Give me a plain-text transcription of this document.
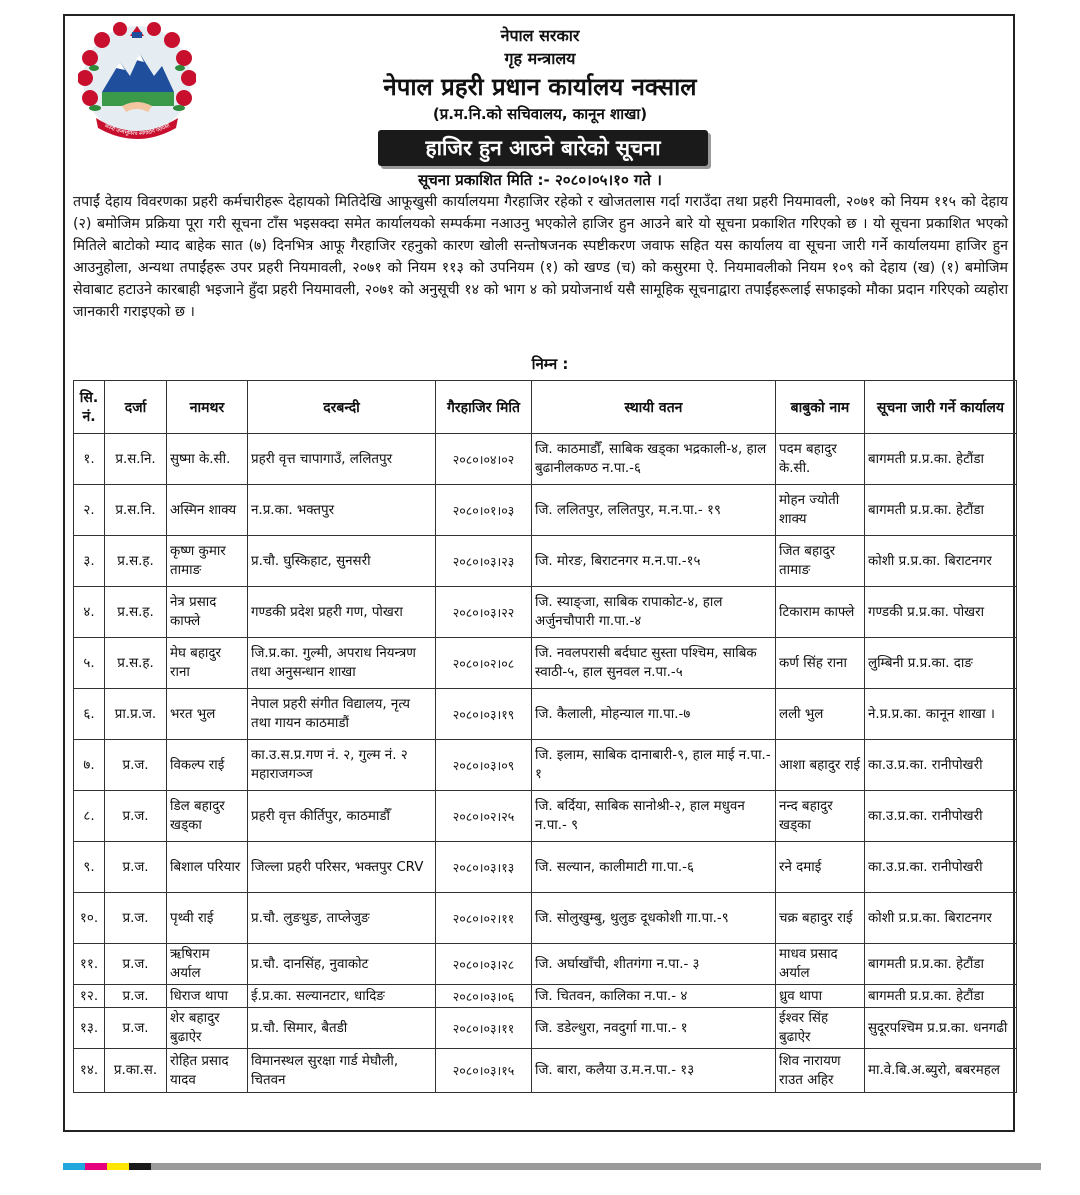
जननी जन्मभूमिश्च स्वर्गादपि गरीयसी
नेपाल सरकार
गृह मन्त्रालय
नेपाल प्रहरी प्रधान कार्यालय नक्साल
(प्र.म.नि.को सचिवालय, कानून शाखा)
हाजिर हुन आउने बारेको सूचना
सूचना प्रकाशित मिति :- २०८०।०५।१० गते ।
तपाईं देहाय विवरणका प्रहरी कर्मचारीहरू देहायको मितिदेखि आफूखुसी कार्यालयमा गैरहाजिर रहेको र खोजतलास गर्दा गराउँदा तथा प्रहरी नियमावली, २०७१ को नियम ११५ को देहाय (२) बमोजिम प्रक्रिया पूरा गरी सूचना टाँस भइसक्दा समेत कार्यालयको सम्पर्कमा नआउनु भएकोले हाजिर हुन आउने बारे यो सूचना प्रकाशित गरिएको छ । यो सूचना प्रकाशित भएको मितिले बाटोको म्याद बाहेक सात (७) दिनभित्र आफू गैरहाजिर रहनुको कारण खोली सन्तोषजनक स्पष्टीकरण जवाफ सहित यस कार्यालय वा सूचना जारी गर्ने कार्यालयमा हाजिर हुन आउनुहोला, अन्यथा तपाईंहरू उपर प्रहरी नियमावली, २०७१ को नियम ११३ को उपनियम (१) को खण्ड (च) को कसुरमा ऐ. नियमावलीको नियम १०९ को देहाय (ख) (१) बमोजिम सेवाबाट हटाउने कारबाही भइजाने हुँदा प्रहरी नियमावली, २०७१ को अनुसूची १४ को भाग ४ को प्रयोजनार्थ यसै सामूहिक सूचनाद्वारा तपाईंहरूलाई सफाइको मौका प्रदान गरिएको व्यहोरा जानकारी गराइएको छ ।
निम्न :
सि. नं.	दर्जा	नामथर	दरबन्दी	गैरहाजिर मिति	स्थायी वतन	बाबुको नाम	सूचना जारी गर्ने कार्यालय
१.	प्र.स.नि.	सुष्मा के.सी.	प्रहरी वृत्त चापागाउँ, ललितपुर	२०८०।०४।०२	जि. काठमाडौँ, साबिक खड्का भद्रकाली-४, हाल बुढानीलकण्ठ न.पा.-६	पदम बहादुर के.सी.	बागमती प्र.प्र.का. हेटौंडा
२.	प्र.स.नि.	अस्मिन शाक्य	न.प्र.का. भक्तपुर	२०८०।०१।०३	जि. ललितपुर, ललितपुर, म.न.पा.- १९	मोहन ज्योती शाक्य	बागमती प्र.प्र.का. हेटौंडा
३.	प्र.स.ह.	कृष्ण कुमार तामाङ	प्र.चौ. घुस्किहाट, सुनसरी	२०८०।०३।२३	जि. मोरङ, बिराटनगर म.न.पा.-१५	जित बहादुर तामाङ	कोशी प्र.प्र.का. बिराटनगर
४.	प्र.स.ह.	नेत्र प्रसाद काफ्ले	गण्डकी प्रदेश प्रहरी गण, पोखरा	२०८०।०३।२२	जि. स्याङ्जा, साबिक रापाकोट-४, हाल अर्जुनचौपारी गा.पा.-४	टिकाराम काफ्ले	गण्डकी प्र.प्र.का. पोखरा
५.	प्र.स.ह.	मेघ बहादुर राना	जि.प्र.का. गुल्मी, अपराध नियन्त्रण तथा अनुसन्धान शाखा	२०८०।०२।०८	जि. नवलपरासी बर्दघाट सुस्ता पश्चिम, साबिक स्वाठी-५, हाल सुनवल न.पा.-५	कर्ण सिंह राना	लुम्बिनी प्र.प्र.का. दाङ
६.	प्रा.प्र.ज.	भरत भुल	नेपाल प्रहरी संगीत विद्यालय, नृत्य तथा गायन काठमाडौं	२०८०।०३।१९	जि. कैलाली, मोहन्याल गा.पा.-७	लली भुल	ने.प्र.प्र.का. कानून शाखा ।
७.	प्र.ज.	विकल्प राई	का.उ.स.प्र.गण नं. २, गुल्म नं. २ महाराजगञ्ज	२०८०।०३।०९	जि. इलाम, साबिक दानाबारी-९, हाल माई न.पा.- १	आशा बहादुर राई	का.उ.प्र.का. रानीपोखरी
८.	प्र.ज.	डिल बहादुर खड्का	प्रहरी वृत्त कीर्तिपुर, काठमाडौँ	२०८०।०२।२५	जि. बर्दिया, साबिक सानोश्री-२, हाल मधुवन न.पा.- ९	नन्द बहादुर खड्का	का.उ.प्र.का. रानीपोखरी
९.	प्र.ज.	बिशाल परियार	जिल्ला प्रहरी परिसर, भक्तपुर CRV	२०८०।०३।१३	जि. सल्यान, कालीमाटी गा.पा.-६	रने दमाई	का.उ.प्र.का. रानीपोखरी
१०.	प्र.ज.	पृथ्वी राई	प्र.चौ. लुङथुङ, ताप्लेजुङ	२०८०।०२।११	जि. सोलुखुम्बु, थुलुङ दूधकोशी गा.पा.-९	चक्र बहादुर राई	कोशी प्र.प्र.का. बिराटनगर
११.	प्र.ज.	ऋषिराम अर्याल	प्र.चौ. दानसिंह, नुवाकोट	२०८०।०३।२८	जि. अर्घाखाँची, शीतगंगा न.पा.- ३	माधव प्रसाद अर्याल	बागमती प्र.प्र.का. हेटौंडा
१२.	प्र.ज.	धिराज थापा	ई.प्र.का. सल्यानटार, धादिङ	२०८०।०३।०६	जि. चितवन, कालिका न.पा.- ४	ध्रुव थापा	बागमती प्र.प्र.का. हेटौंडा
१३.	प्र.ज.	शेर बहादुर बुढाऐर	प्र.चौ. सिमार, बैतडी	२०८०।०३।११	जि. डडेल्धुरा, नवदुर्गा गा.पा.- १	ईश्वर सिंह बुढाऐर	सुदूरपश्चिम प्र.प्र.का. धनगढी
१४.	प्र.का.स.	रोहित प्रसाद यादव	विमानस्थल सुरक्षा गार्ड मेघौली, चितवन	२०८०।०३।१५	जि. बारा, कलैया उ.म.न.पा.- १३	शिव नारायण राउत अहिर	मा.वे.बि.अ.ब्युरो, बबरमहल
